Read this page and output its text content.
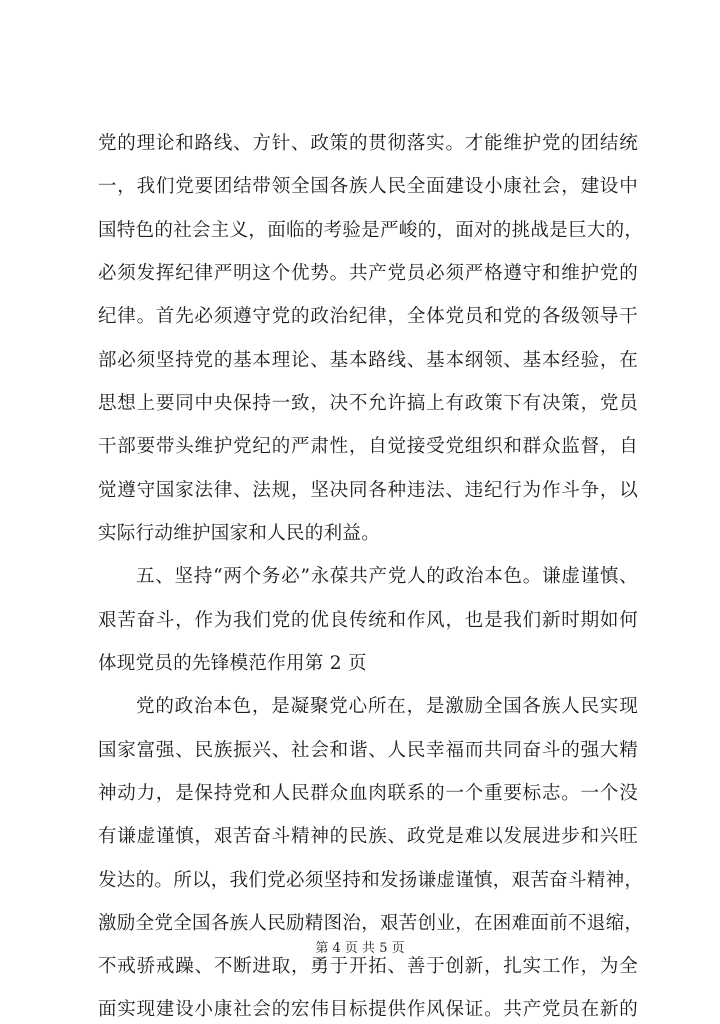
党的理论和路线、方针、政策的贯彻落实。才能维护党的团结统
一，我们党要团结带领全国各族人民全面建设小康社会，建设中
国特色的社会主义，面临的考验是严峻的，面对的挑战是巨大的，
必须发挥纪律严明这个优势。共产党员必须严格遵守和维护党的
纪律。首先必须遵守党的政治纪律，全体党员和党的各级领导干
部必须坚持党的基本理论、基本路线、基本纲领、基本经验，在
思想上要同中央保持一致，决不允许搞上有政策下有决策，党员
干部要带头维护党纪的严肃性，自觉接受党组织和群众监督，自
觉遵守国家法律、法规，坚决同各种违法、违纪行为作斗争，以
实际行动维护国家和人民的利益。
五、坚持“两个务必”永葆共产党人的政治本色。谦虚谨慎、
艰苦奋斗，作为我们党的优良传统和作风，也是我们新时期如何
体现党员的先锋模范作用第 2 页
党的政治本色，是凝聚党心所在，是激励全国各族人民实现
国家富强、民族振兴、社会和谐、人民幸福而共同奋斗的强大精
神动力，是保持党和人民群众血肉联系的一个重要标志。一个没
有谦虚谨慎，艰苦奋斗精神的民族、政党是难以发展进步和兴旺
发达的。所以，我们党必须坚持和发扬谦虚谨慎，艰苦奋斗精神，
激励全党全国各族人民励精图治，艰苦创业，在困难面前不退缩，
不戒骄戒躁、不断进取，勇于开拓、善于创新，扎实工作，为全
面实现建设小康社会的宏伟目标提供作风保证。共产党员在新的
第 4 页 共 5 页
